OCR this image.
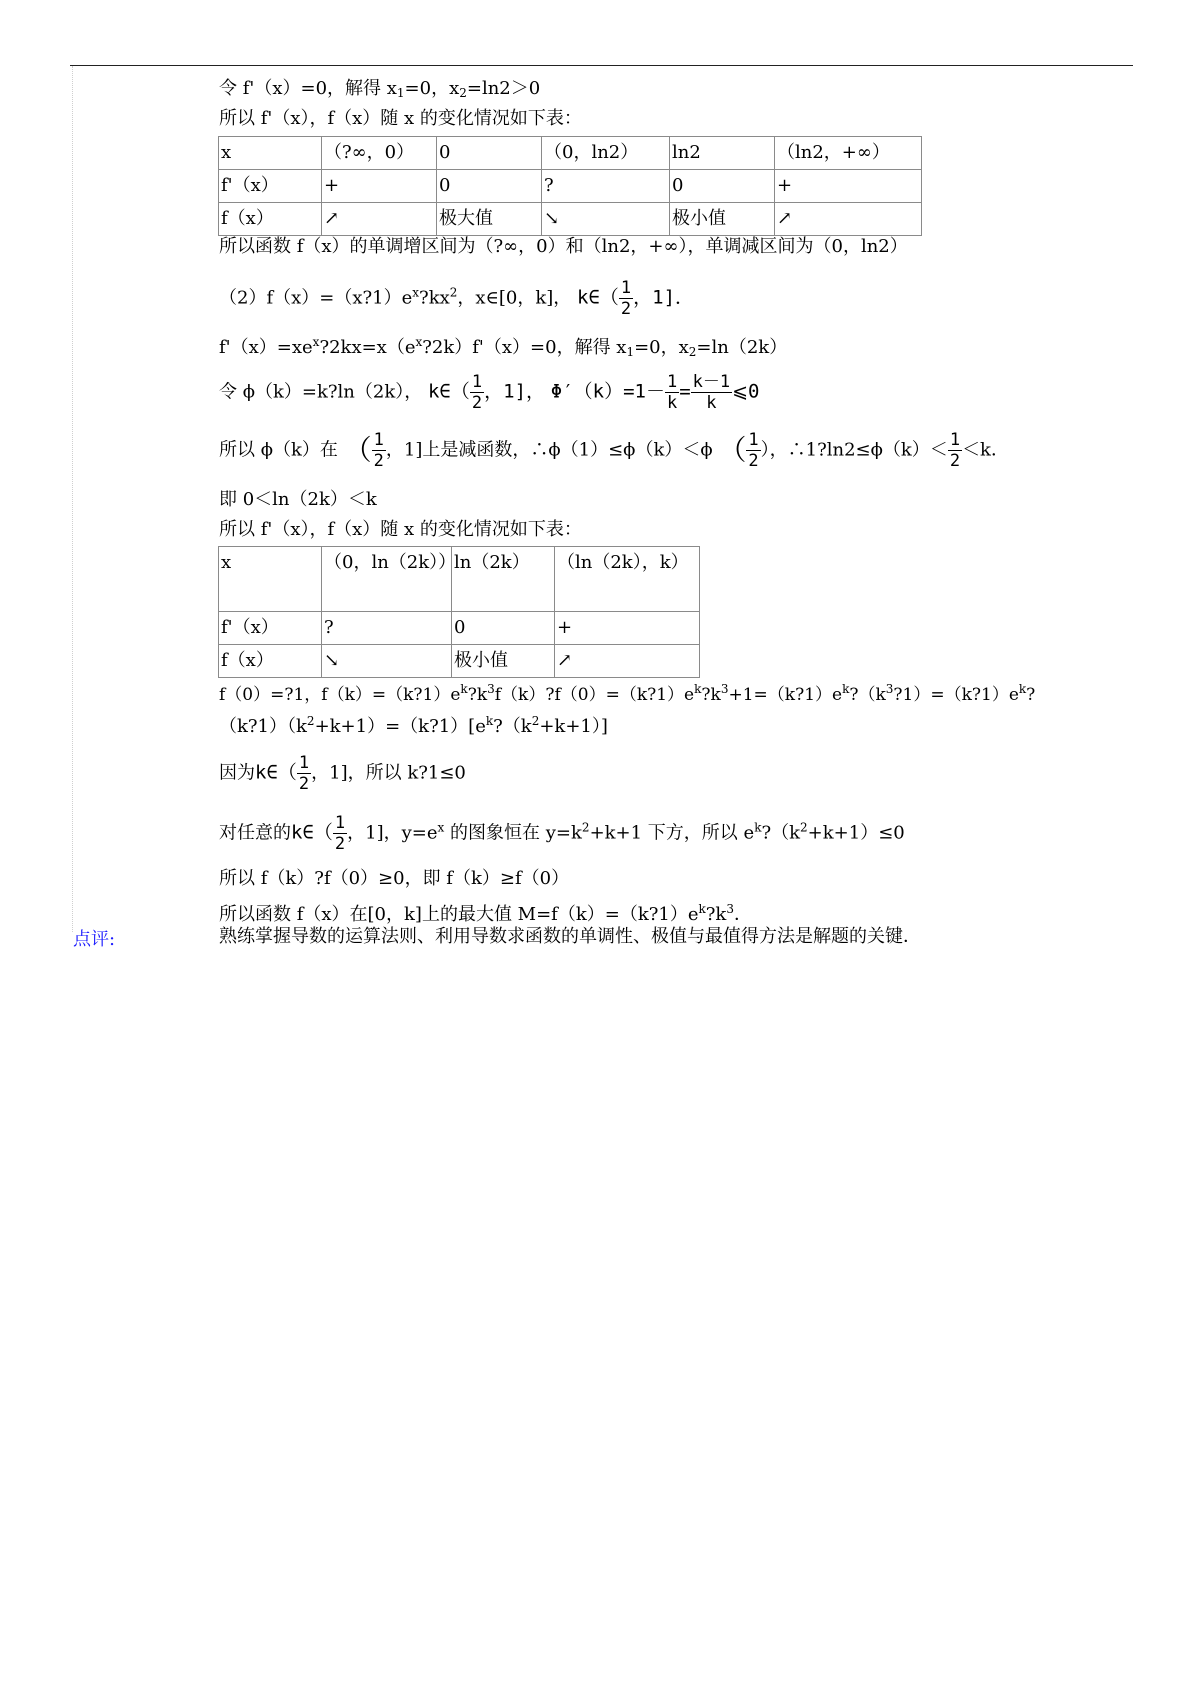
令 f'（x）=0，解得 $x_1=0$，$x_2=\ln 2>0$
所以 f'（x），f（x）随 x 的变化情况如下表：
x	（?∞，0）	0	（0，ln2）	ln2	（ln2，+∞）
f'（x）	+	0	?	0	+
f（x）	↗	极大值	↘	极小值	↗
所以函数 f（x）的单调增区间为（?∞，0）和（ln2，+∞），单调减区间为（0，ln2）
$(2)f(x)=(x?1)e^x?kx^2$，x∈[0，k]， k∈（ $\frac{1}{2}$ ，1]．
$f'(x)=xe^x?2kx=x(e^x?2k)f'(x)=0$，解得 $x_1=0$，$x_2=\ln(2k)$
令 ϕ（k）=k?ln（2k）， k∈（ $\frac{1}{2}$ ，1]， $\Phi'(k)=1- \frac{1}{k} = \frac{k-1}{k}$ ⩽0
所以 ϕ（k）在 （ $\frac{1}{2}$ ，1]上是减函数，∴ϕ（1）≤ϕ（k）＜ϕ （ $\frac{1}{2}$ ），∴1?ln2≤ϕ（k）＜ $\frac{1}{2} <k$．
即 0＜ln（2k）＜k
所以 f'（x），f（x）随 x 的变化情况如下表：
x	（0，ln（2k））	ln（2k）	（ln（2k），k）
f'（x）	?	0	+
f（x）	↘	极小值	↗
f（0）=?1，$f(k)=(k?1)e^k?k^3f(k)?f(0)=(k?1)e^k?k^3+1=(k?1)e^k?(k^3?1)=(k?1)e^k$?
$(k?1)(k^2+k+1)=(k?1)[e^k?(k^2+k+1)]$
因为k∈（ $\frac{1}{2}$ ，1]，所以 k?1≤0
对任意的k∈（ $\frac{1}{2}$ ，1]，$y=e^x$ 的图象恒在 $y=k^2+k+1$ 下方，所以 $e^k?(k^2+k+1)\le 0$
所以 f（k）?f（0）≥0，即 f（k）≥f（0）
所以函数 f（x）在[0，k]上的最大值 $M=f(k)=(k?1)e^k?k^3$．
点评:	熟练掌握导数的运算法则、利用导数求函数的单调性、极值与最值得方法是解题的关键．
